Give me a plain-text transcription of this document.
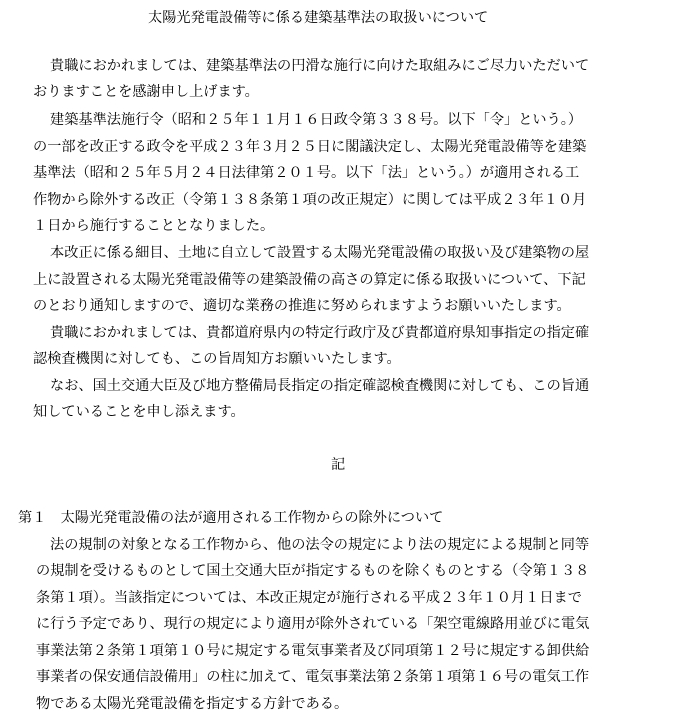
太陽光発電設備等に係る建築基準法の取扱いについて
貴職におかれましては、建築基準法の円滑な施行に向けた取組みにご尽力いただいて
おりますことを感謝申し上げます。
建築基準法施行令（昭和２５年１１月１６日政令第３３８号。以下「令」という。）
の一部を改正する政令を平成２３年３月２５日に閣議決定し、太陽光発電設備等を建築
基準法（昭和２５年５月２４日法律第２０１号。以下「法」という。）が適用される工
作物から除外する改正（令第１３８条第１項の改正規定）に関しては平成２３年１０月
１日から施行することとなりました。
本改正に係る細目、土地に自立して設置する太陽光発電設備の取扱い及び建築物の屋
上に設置される太陽光発電設備等の建築設備の高さの算定に係る取扱いについて、下記
のとおり通知しますので、適切な業務の推進に努められますようお願いいたします。
貴職におかれましては、貴都道府県内の特定行政庁及び貴都道府県知事指定の指定確
認検査機関に対しても、この旨周知方お願いいたします。
なお、国土交通大臣及び地方整備局長指定の指定確認検査機関に対しても、この旨通
知していることを申し添えます。
記
第１　太陽光発電設備の法が適用される工作物からの除外について
法の規制の対象となる工作物から、他の法令の規定により法の規定による規制と同等
の規制を受けるものとして国土交通大臣が指定するものを除くものとする（令第１３８
条第１項）。当該指定については、本改正規定が施行される平成２３年１０月１日まで
に行う予定であり、現行の規定により適用が除外されている「架空電線路用並びに電気
事業法第２条第１項第１０号に規定する電気事業者及び同項第１２号に規定する卸供給
事業者の保安通信設備用」の柱に加えて、電気事業法第２条第１項第１６号の電気工作
物である太陽光発電設備を指定する方針である。
